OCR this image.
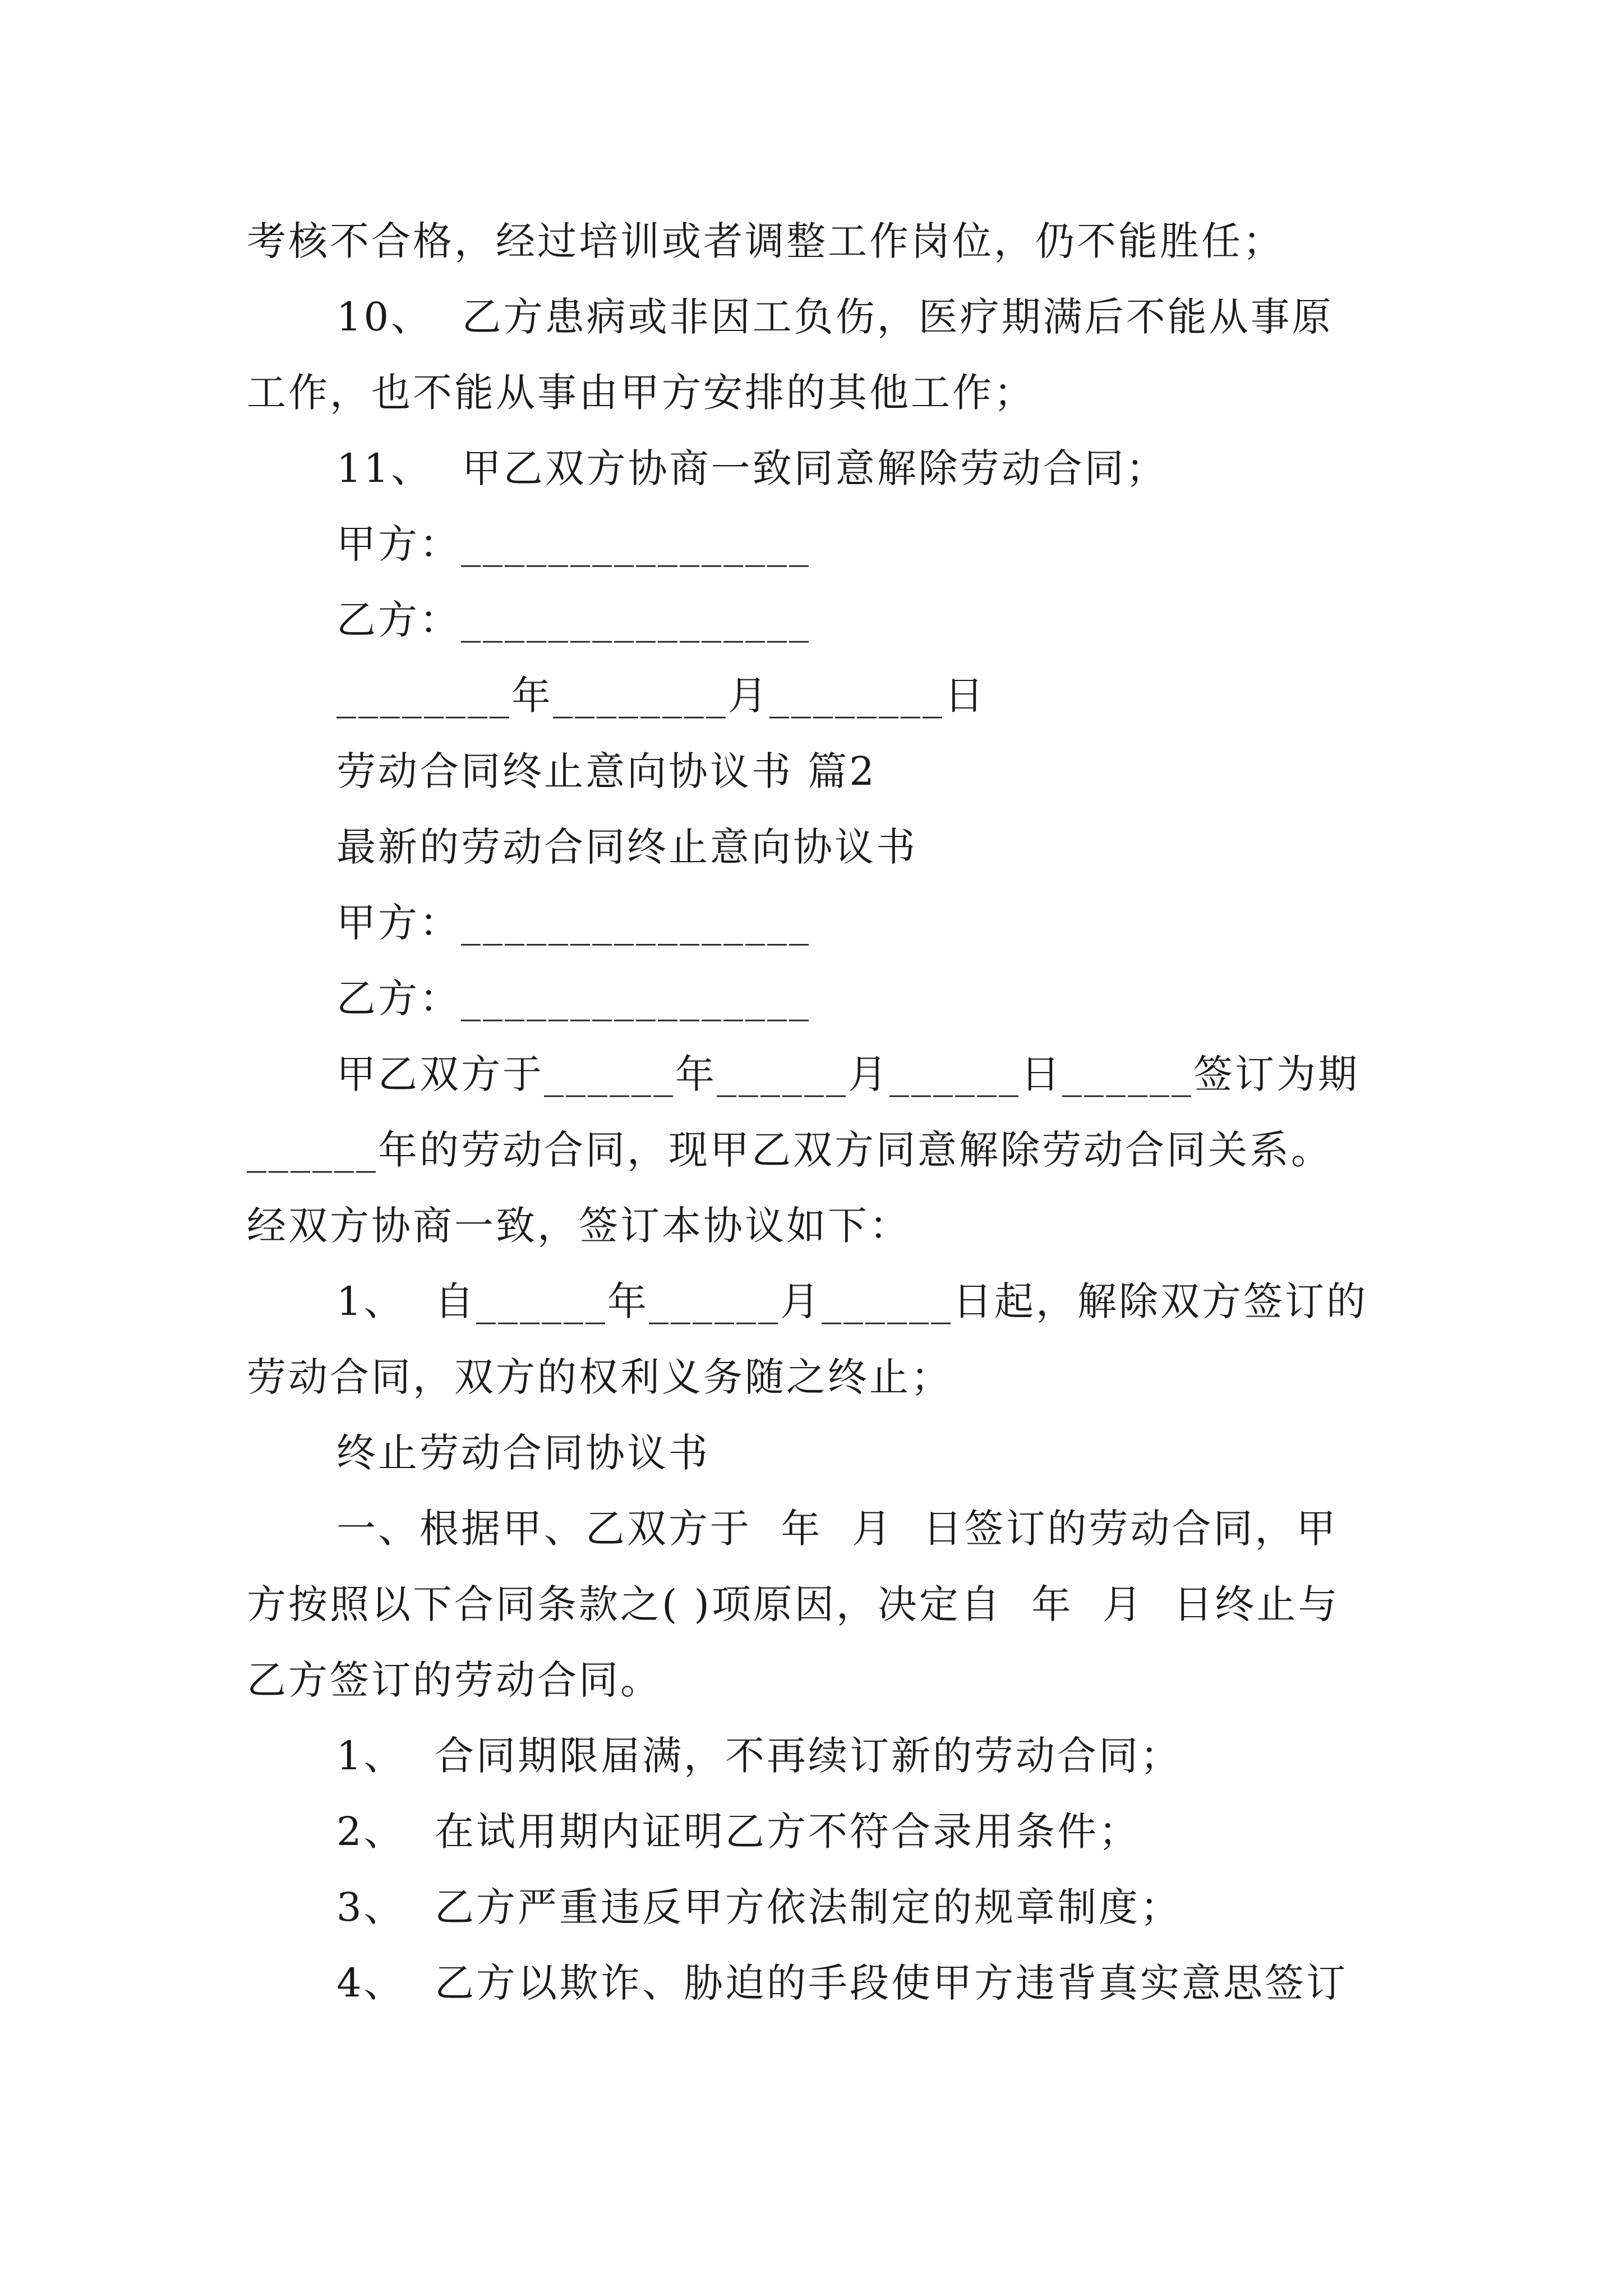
考核不合格，经过培训或者调整工作岗位，仍不能胜任；
10、  乙方患病或非因工负伤，医疗期满后不能从事原
工作，也不能从事由甲方安排的其他工作；
11、  甲乙双方协商一致同意解除劳动合同；
甲方：________________
乙方：________________
________年________月________日
劳动合同终止意向协议书 篇2
最新的劳动合同终止意向协议书
甲方：________________
乙方：________________
甲乙双方于______年______月______日______签订为期
______年的劳动合同，现甲乙双方同意解除劳动合同关系。
经双方协商一致，签订本协议如下：
1、  自______年______月______日起，解除双方签订的
劳动合同，双方的权利义务随之终止；
终止劳动合同协议书
一、根据甲、乙双方于  年  月  日签订的劳动合同，甲
方按照以下合同条款之( )项原因，决定自  年  月  日终止与
乙方签订的劳动合同。
1、  合同期限届满，不再续订新的劳动合同；
2、  在试用期内证明乙方不符合录用条件；
3、  乙方严重违反甲方依法制定的规章制度；
4、  乙方以欺诈、胁迫的手段使甲方违背真实意思签订
